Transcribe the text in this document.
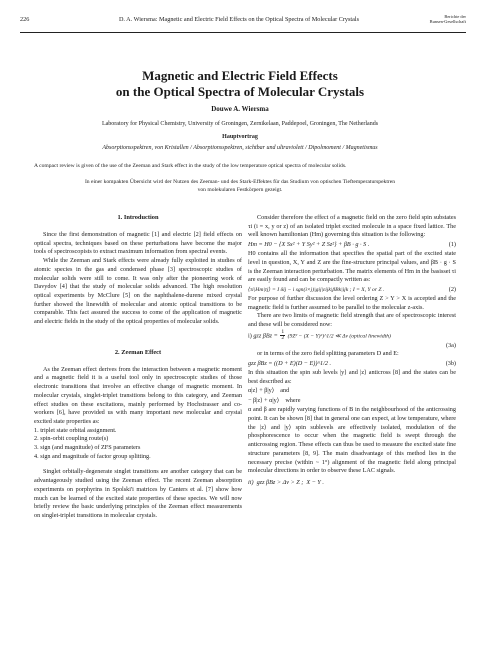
226	D. A. Wiersma: Magnetic and Electric Field Effects on the Optical Spectra of Molecular Crystals	Berichte der
Bunsen-Gesellschaft
Magnetic and Electric Field Effects
on the Optical Spectra of Molecular Crystals
Douwe A. Wiersma
Laboratory for Physical Chemistry, University of Groningen, Zernikelaan, Paddepoel, Groningen, The Netherlands
Hauptvortrag
Absorptionsspektren, von Kristallen / Absorptionsspektren, sichtbar und ultraviolett / Dipolmoment / Magnetismus
A compact review is given of the use of the Zeeman and Stark effect in the study of the low temperature optical spectra of molecular solids.
In einer kompakten Übersicht wird der Nutzen des Zeeman- und des Stark-Effektes für das Studium von optischen Tieftemperaturspektren
von molekularen Festkörpern gezeigt.
1. Introduction

Since the first demonstration of magnetic [1] and electric [2] field effects on optical spectra, techniques based on these perturbations have become the major tools of spectroscopists to extract maximum information from spectral events.

While the Zeeman and Stark effects were already fully exploited in studies of atomic species in the gas and condensed phase [3] spectroscopic studies of molecular solids were still to come. It was only after the pioneering work of Davydov [4] that the study of molecular solids advanced. The high resolution optical experiments by McClure [5] on the naphthalene-durene mixed crystal further showed the linewidth of molecular and atomic optical transitions to be comparable. This fact assured the success to come of the application of magnetic and electric fields in the study of the optical properties of molecular solids.

2. Zeeman Effect

As the Zeeman effect derives from the interaction between a magnetic moment and a magnetic field it is a useful tool only in spectroscopic studies of those electronic transitions that involve an effective change of magnetic moment. In molecular crystals, singlet-triplet transitions belong to this category, and Zeeman effect studies on these excitations, mainly performed by Hochstrasser and co-workers [6], have provided us with many important new molecular and crystal excited state properties as:

1. triplet state orbital assignment.
2. spin-orbit coupling route(s)
3. sign (and magnitude) of ZFS parameters
4. sign and magnitude of factor group splitting.

Singlet orbitally-degenerate singlet transitions are another category that can be advantageously studied using the Zeeman effect. The recent Zeeman absorption experiments on porphyrins in Spolski'i matrices by Canters et al. [7] show how much can be learned of the excited state properties of these species. We will now briefly review the basic underlying principles of the Zeeman effect measurements on singlet-triplet transitions in molecular crystals.

Consider therefore the effect of a magnetic field on the zero field spin substates τi (i = x, y or z) of an isolated triplet excited molecule in a space fixed lattice. The well known hamiltonian (Hm) governing this situation is the following:

Hm = H0 − {X Sx² + Y Sy² + Z Sz²} + βB · g · S .	(1)

H0 contains all the information that specifies the spatial part of the excited state level in question, X, Y and Z are the fine-structure principal values, and βB · g · S is the Zeeman interaction perturbation. The matrix elements of Hm in the basisset τi are easily found and can be compactly written as:

⟨τi|Hm|τj⟩ = I δij − i sgn(i×j)|gij|εijk|βBk|ijk ; I = X, Y or Z .	(2)

For purpose of further discussion the level ordering Z > Y > X is accepted and the magnetic field is further assumed to be parallel to the molecular z-axis.

There are two limits of magnetic field strength that are of spectroscopic interest and these will be considered now:

i) gzz $\beta Bz = \frac{1}{2} (9Z^2 - (X$ − Y)²)^1/2 ≪ Δv (optical linewidth)
(3a)

or in terms of the zero field splitting parameters D and E:

gzz βBz = ((D + E)(D − E))^1/2 .	(3b)

In this situation the spin sub levels |y⟩ and |z⟩ anticross [8] and the states can be best described as:

α|z⟩ + β|y⟩    and
− β|z⟩ + α|y⟩    where

α and β are rapidly varying functions of B in the neighbourhood of the anticrossing point. It can be shown [8] that in general one can expect, at low temperature, where the |z⟩ and |y⟩ spin sublevels are effectively isolated, modulation of the phosphorescence to occur when the magnetic field is swept through the anticrossing region. These effects can thus be used to measure the excited state fine structure parameters [8, 9]. The main disadvantage of this method lies in the necessary precise (within ~ 1°) alignment of the magnetic field along principal molecular directions in order to observe these LAC signals.

ii)  gzz βBz > Δv > Z ;  X − Y .
